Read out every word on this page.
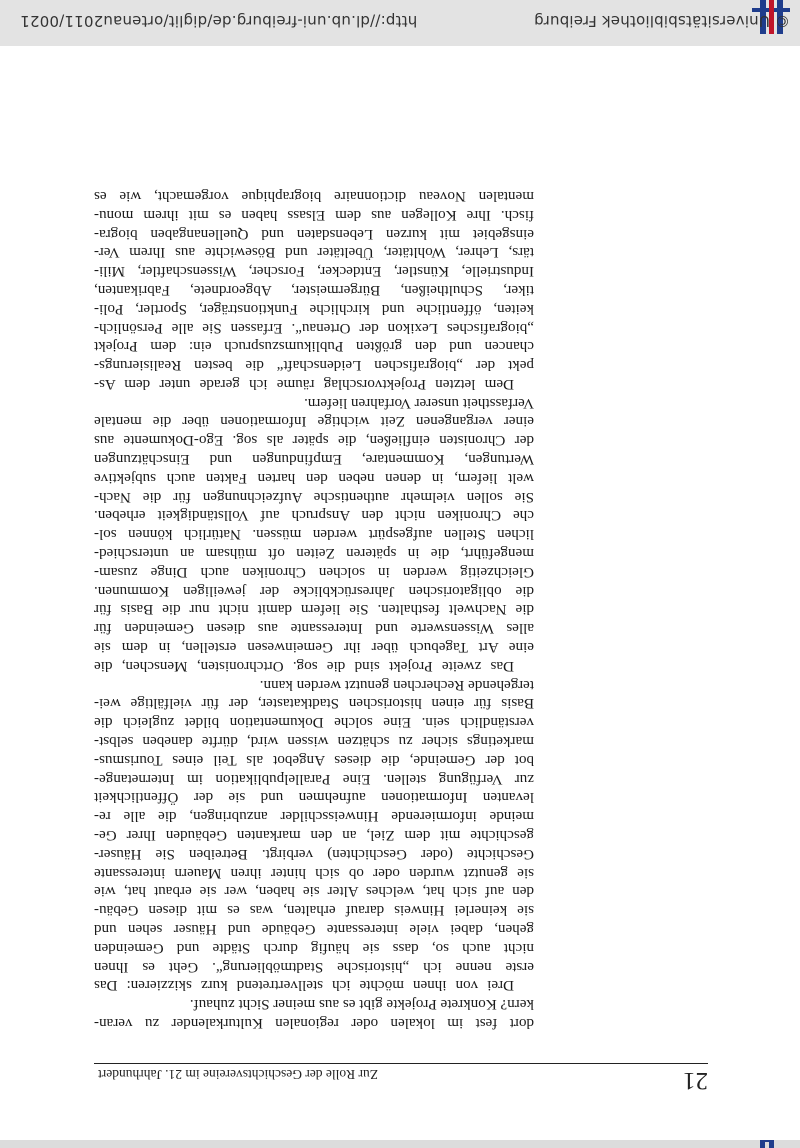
© Universitätsbibliothek Freiburg
http://dl.ub.uni-freiburg.de/diglit/ortenau2011/0021
21
Zur Rolle der Geschichtsvereine im 21. Jahrhundert
dort fest im lokalen oder regionalen Kulturkalender zu veran-
kern? Konkrete Projekte gibt es aus meiner Sicht zuhauf.
Drei von ihnen möchte ich stellvertretend kurz skizzieren: Das
erste nenne ich „historische Stadtmöblierung“. Geht es Ihnen
nicht auch so, dass sie häufig durch Städte und Gemeinden
gehen, dabei viele interessante Gebäude und Häuser sehen und
sie keinerlei Hinweis darauf erhalten, was es mit diesen Gebäu-
den auf sich hat, welches Alter sie haben, wer sie erbaut hat, wie
sie genutzt wurden oder ob sich hinter ihren Mauern interessante
Geschichte (oder Geschichten) verbirgt. Betreiben Sie Häuser-
geschichte mit dem Ziel, an den markanten Gebäuden Ihrer Ge-
meinde informierende Hinweisschilder anzubringen, die alle re-
levanten Informationen aufnehmen und sie der Öffentlichkeit
zur Verfügung stellen. Eine Parallelpublikation im Internetange-
bot der Gemeinde, die dieses Angebot als Teil eines Tourismus-
marketings sicher zu schätzen wissen wird, dürfte daneben selbst-
verständlich sein. Eine solche Dokumentation bildet zugleich die
Basis für einen historischen Stadtkataster, der für vielfältige wei-
tergehende Recherchen genutzt werden kann.
Das zweite Projekt sind die sog. Ortchronisten, Menschen, die
eine Art Tagebuch über ihr Gemeinwesen erstellen, in dem sie
alles Wissenswerte und Interessante aus diesen Gemeinden für
die Nachwelt festhalten. Sie liefern damit nicht nur die Basis für
die obligatorischen Jahresrückblicke der jeweiligen Kommunen.
Gleichzeitig werden in solchen Chroniken auch Dinge zusam-
mengeführt, die in späteren Zeiten oft mühsam an unterschied-
lichen Stellen aufgespürt werden müssen. Natürlich können sol-
che Chroniken nicht den Anspruch auf Vollständigkeit erheben.
Sie sollen vielmehr authentische Aufzeichnungen für die Nach-
welt liefern, in denen neben den harten Fakten auch subjektive
Wertungen, Kommentare, Empfindungen und Einschätzungen
der Chronisten einfließen, die später als sog. Ego-Dokumente aus
einer vergangenen Zeit wichtige Informationen über die mentale
Verfasstheit unserer Vorfahren liefern.
Dem letzten Projektvorschlag räume ich gerade unter dem As-
pekt der „biografischen Leidenschaft“ die besten Realisierungs-
chancen und den größten Publikumszuspruch ein: dem Projekt
„biografisches Lexikon der Ortenau“. Erfassen Sie alle Persönlich-
keiten, öffentliche und kirchliche Funktionsträger, Sportler, Poli-
tiker, Schultheißen, Bürgermeister, Abgeordnete, Fabrikanten,
Industrielle, Künstler, Entdecker, Forscher, Wissenschaftler, Mili-
tärs, Lehrer, Wohltäter, Übeltäter und Bösewichte aus Ihrem Ver-
einsgebiet mit kurzen Lebensdaten und Quellenangaben biogra-
fisch. Ihre Kollegen aus dem Elsass haben es mit ihrem monu-
mentalen Noveau dictionnaire biographique vorgemacht, wie es
